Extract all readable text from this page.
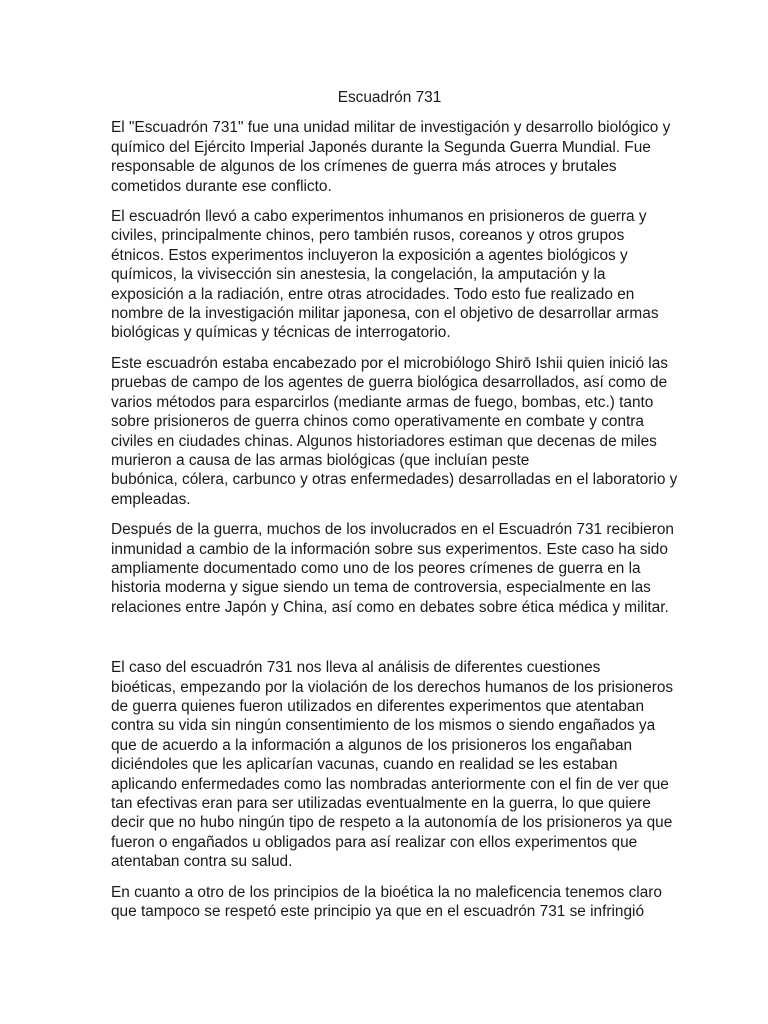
Escuadrón 731
El "Escuadrón 731" fue una unidad militar de investigación y desarrollo biológico y
químico del Ejército Imperial Japonés durante la Segunda Guerra Mundial. Fue
responsable de algunos de los crímenes de guerra más atroces y brutales
cometidos durante ese conflicto.
El escuadrón llevó a cabo experimentos inhumanos en prisioneros de guerra y
civiles, principalmente chinos, pero también rusos, coreanos y otros grupos
étnicos. Estos experimentos incluyeron la exposición a agentes biológicos y
químicos, la vivisección sin anestesia, la congelación, la amputación y la
exposición a la radiación, entre otras atrocidades. Todo esto fue realizado en
nombre de la investigación militar japonesa, con el objetivo de desarrollar armas
biológicas y químicas y técnicas de interrogatorio.
Este escuadrón estaba encabezado por el microbiólogo Shirō Ishii quien inició las
pruebas de campo de los agentes de guerra biológica desarrollados, así como de
varios métodos para esparcirlos (mediante armas de fuego, bombas, etc.) tanto
sobre prisioneros de guerra chinos como operativamente en combate y contra
civiles en ciudades chinas. Algunos historiadores estiman que decenas de miles
murieron a causa de las armas biológicas (que incluían peste
bubónica, cólera, carbunco y otras enfermedades) desarrolladas en el laboratorio y
empleadas.
Después de la guerra, muchos de los involucrados en el Escuadrón 731 recibieron
inmunidad a cambio de la información sobre sus experimentos. Este caso ha sido
ampliamente documentado como uno de los peores crímenes de guerra en la
historia moderna y sigue siendo un tema de controversia, especialmente en las
relaciones entre Japón y China, así como en debates sobre ética médica y militar.
El caso del escuadrón 731 nos lleva al análisis de diferentes cuestiones
bioéticas, empezando por la violación de los derechos humanos de los prisioneros
de guerra quienes fueron utilizados en diferentes experimentos que atentaban
contra su vida sin ningún consentimiento de los mismos o siendo engañados ya
que de acuerdo a la información a algunos de los prisioneros los engañaban
diciéndoles que les aplicarían vacunas, cuando en realidad se les estaban
aplicando enfermedades como las nombradas anteriormente con el fin de ver que
tan efectivas eran para ser utilizadas eventualmente en la guerra, lo que quiere
decir que no hubo ningún tipo de respeto a la autonomía de los prisioneros ya que
fueron o engañados u obligados para así realizar con ellos experimentos que
atentaban contra su salud.
En cuanto a otro de los principios de la bioética la no maleficencia tenemos claro
que tampoco se respetó este principio ya que en el escuadrón 731 se infringió
